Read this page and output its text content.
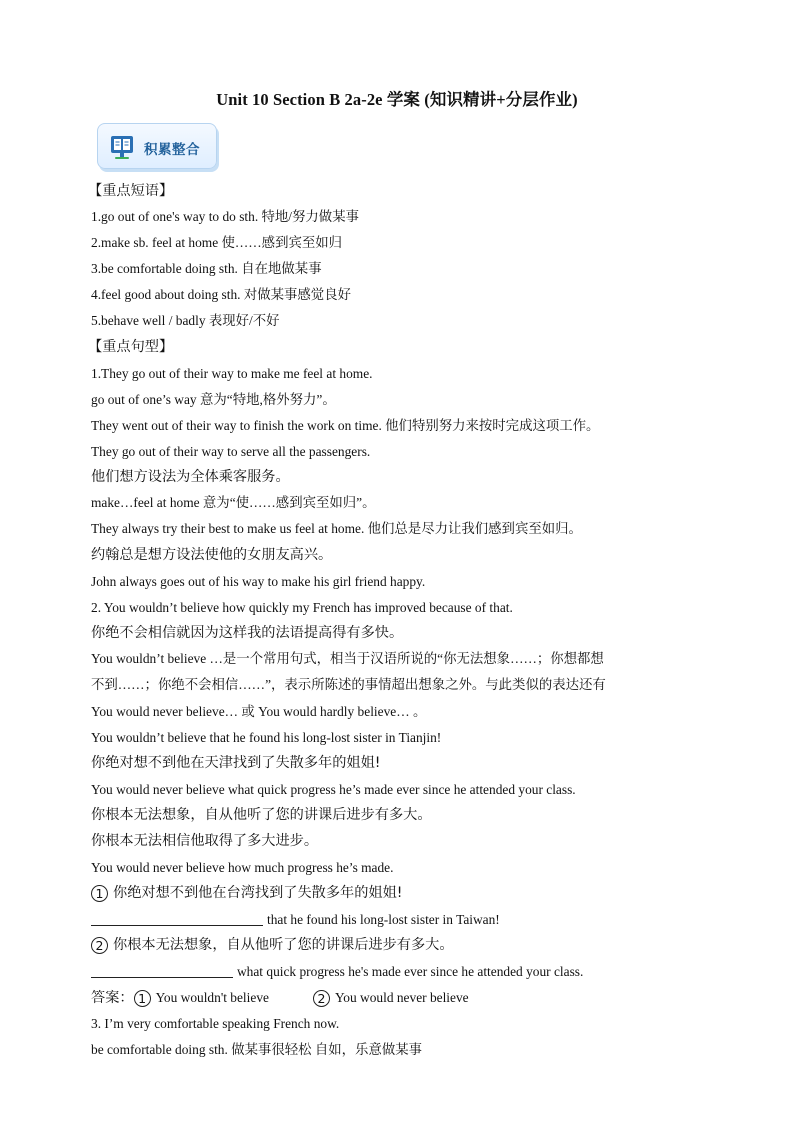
Unit 10 Section B 2a-2e 学案 (知识精讲+分层作业)
积累整合
【重点短语】
1.go out of one's way to do sth. 特地/努力做某事
2.make sb. feel at home 使……感到宾至如归
3.be comfortable doing sth. 自在地做某事
4.feel good about doing sth. 对做某事感觉良好
5.behave well / badly 表现好/不好
【重点句型】
1.They go out of their way to make me feel at home.
go out of one’s way 意为“特地,格外努力”。
They went out of their way to finish the work on time. 他们特别努力来按时完成这项工作。
They go out of their way to serve all the passengers.
他们想方设法为全体乘客服务。
make…feel at home 意为“使……感到宾至如归”。
They always try their best to make us feel at home. 他们总是尽力让我们感到宾至如归。
约翰总是想方设法使他的女朋友高兴。
John always goes out of his way to make his girl friend happy.
2. You wouldn’t believe how quickly my French has improved because of that.
你绝不会相信就因为这样我的法语提高得有多快。
You wouldn’t believe …是一个常用句式，相当于汉语所说的“你无法想象……；你想都想
不到……；你绝不会相信……”，表示所陈述的事情超出想象之外。与此类似的表达还有
You would never believe… 或 You would hardly believe… 。
You wouldn’t believe that he found his long-lost sister in Tianjin!
你绝对想不到他在天津找到了失散多年的姐姐!
You would never believe what quick progress he’s made ever since he attended your class.
你根本无法想象，自从他听了您的讲课后进步有多大。
你根本无法相信他取得了多大进步。
You would never believe how much progress he’s made.
1 你绝对想不到他在台湾找到了失散多年的姐姐!
that he found his long-lost sister in Taiwan!
2 你根本无法想象，自从他听了您的讲课后进步有多大。
what quick progress he's made ever since he attended your class.
答案： 1 You wouldn't believe	2 You would never believe
3. I’m very comfortable speaking French now.
be comfortable doing sth. 做某事很轻松 自如，乐意做某事
